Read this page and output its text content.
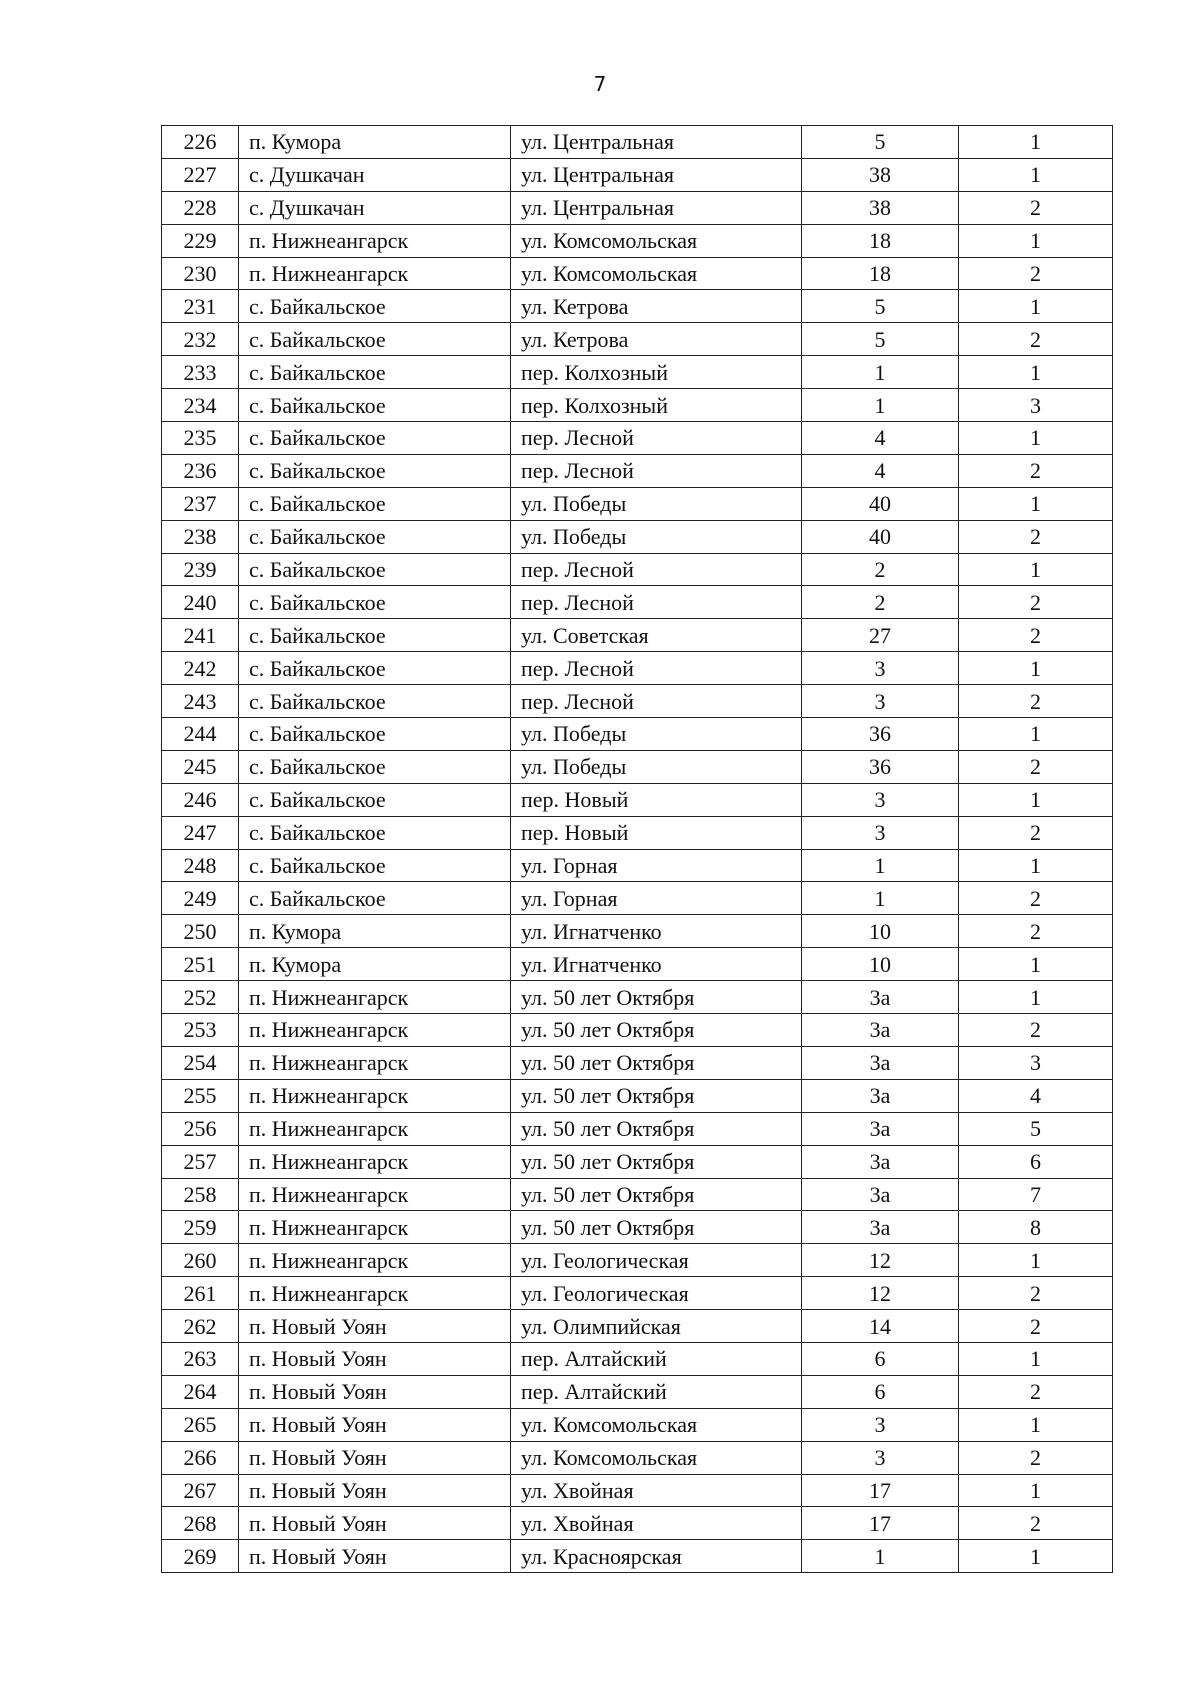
7
226	п. Кумора	ул. Центральная	5	1
227	с. Душкачан	ул. Центральная	38	1
228	с. Душкачан	ул. Центральная	38	2
229	п. Нижнеангарск	ул. Комсомольская	18	1
230	п. Нижнеангарск	ул. Комсомольская	18	2
231	с. Байкальское	ул. Кетрова	5	1
232	с. Байкальское	ул. Кетрова	5	2
233	с. Байкальское	пер. Колхозный	1	1
234	с. Байкальское	пер. Колхозный	1	3
235	с. Байкальское	пер. Лесной	4	1
236	с. Байкальское	пер. Лесной	4	2
237	с. Байкальское	ул. Победы	40	1
238	с. Байкальское	ул. Победы	40	2
239	с. Байкальское	пер. Лесной	2	1
240	с. Байкальское	пер. Лесной	2	2
241	с. Байкальское	ул. Советская	27	2
242	с. Байкальское	пер. Лесной	3	1
243	с. Байкальское	пер. Лесной	3	2
244	с. Байкальское	ул. Победы	36	1
245	с. Байкальское	ул. Победы	36	2
246	с. Байкальское	пер. Новый	3	1
247	с. Байкальское	пер. Новый	3	2
248	с. Байкальское	ул. Горная	1	1
249	с. Байкальское	ул. Горная	1	2
250	п. Кумора	ул. Игнатченко	10	2
251	п. Кумора	ул. Игнатченко	10	1
252	п. Нижнеангарск	ул. 50 лет Октября	3а	1
253	п. Нижнеангарск	ул. 50 лет Октября	3а	2
254	п. Нижнеангарск	ул. 50 лет Октября	3а	3
255	п. Нижнеангарск	ул. 50 лет Октября	3а	4
256	п. Нижнеангарск	ул. 50 лет Октября	3а	5
257	п. Нижнеангарск	ул. 50 лет Октября	3а	6
258	п. Нижнеангарск	ул. 50 лет Октября	3а	7
259	п. Нижнеангарск	ул. 50 лет Октября	3а	8
260	п. Нижнеангарск	ул. Геологическая	12	1
261	п. Нижнеангарск	ул. Геологическая	12	2
262	п. Новый Уоян	ул. Олимпийская	14	2
263	п. Новый Уоян	пер. Алтайский	6	1
264	п. Новый Уоян	пер. Алтайский	6	2
265	п. Новый Уоян	ул. Комсомольская	3	1
266	п. Новый Уоян	ул. Комсомольская	3	2
267	п. Новый Уоян	ул. Хвойная	17	1
268	п. Новый Уоян	ул. Хвойная	17	2
269	п. Новый Уоян	ул. Красноярская	1	1
